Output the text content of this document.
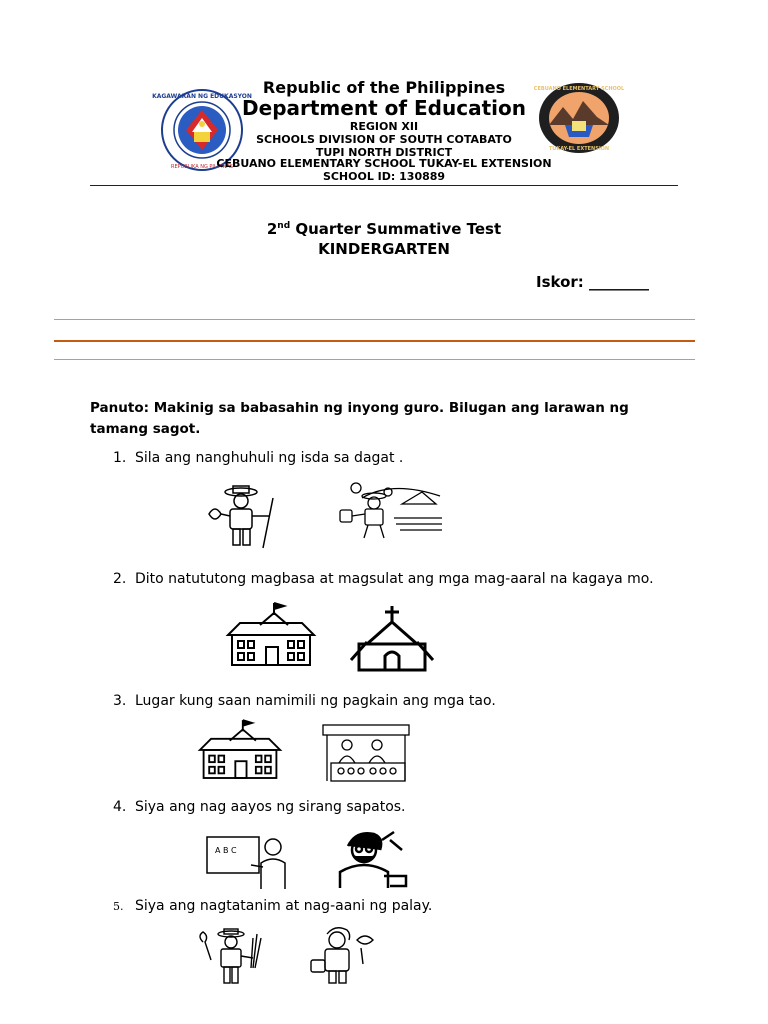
KAGAWARAN NG EDUKASYON
REPUBLIKA NG PILIPINAS
CEBUANO ELEMENTARY SCHOOL
TUKAY-EL EXTENSION
Republic of the Philippines
Department of Education
REGION XII
SCHOOLS DIVISION OF SOUTH COTABATO
TUPI NORTH DISTRICT
CEBUANO ELEMENTARY SCHOOL TUKAY-EL EXTENSION
SCHOOL ID: 130889
2nd Quarter Summative Test
KINDERGARTEN
Iskor: ________
Panuto: Makinig sa babasahin ng inyong guro. Bilugan ang larawan ng tamang sagot.
1. Sila ang nanghuhuli ng isda sa dagat .
2. Dito natututong magbasa at magsulat ang mga mag-aaral na kagaya mo.
3. Lugar kung saan namimili ng pagkain ang mga tao.
4. Siya ang nag aayos ng sirang sapatos.
A B C
5. Siya ang nagtatanim at nag-aani ng palay.
